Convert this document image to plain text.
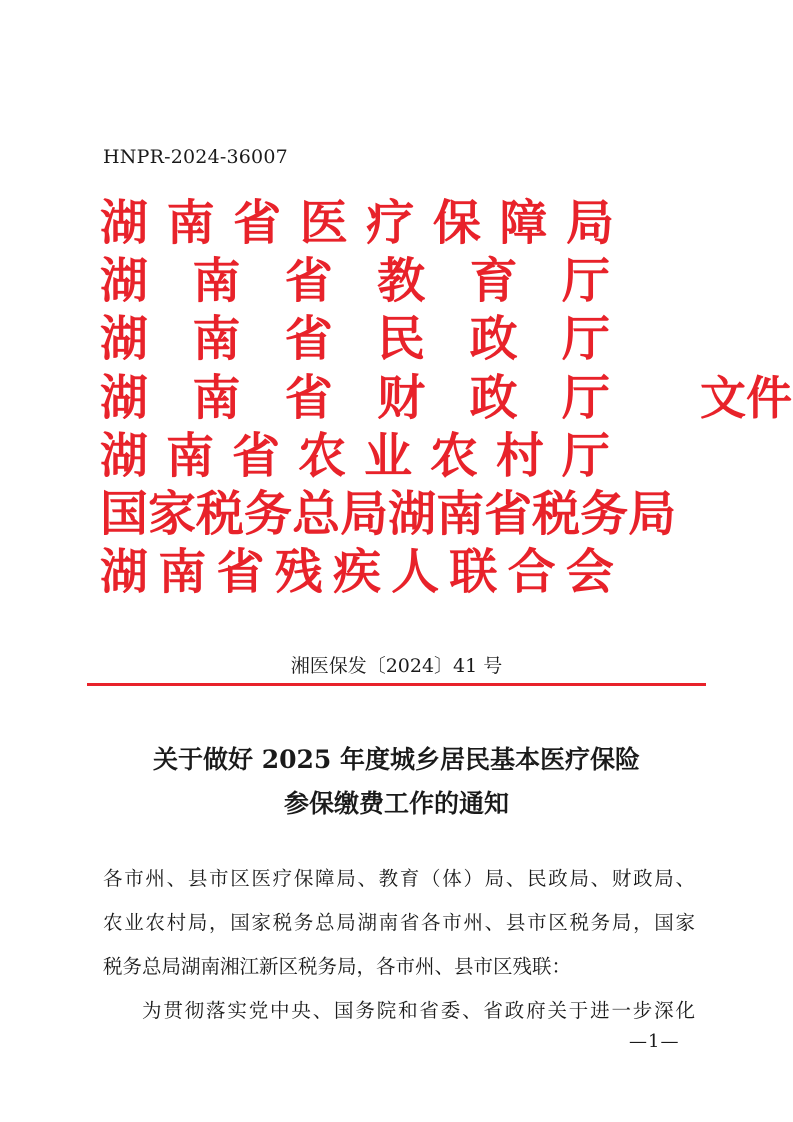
HNPR-2024-36007
湖 南 省 医 疗 保 障 局
湖 南 省 教 育 厅
湖 南 省 民 政 厅
湖 南 省 财 政 厅
湖 南 省 农 业 农 村 厅
国 家 税 务 总 局 湖 南 省 税 务 局
湖 南 省 残 疾 人 联 合 会
文件
湘医保发〔2024〕41 号
关于做好 2025 年度城乡居民基本医疗保险
参保缴费工作的通知

各市州、县市区医疗保障局、教育（体）局、民政局、财政局、

农业农村局，国家税务总局湖南省各市州、县市区税务局，国家

税务总局湖南湘江新区税务局，各市州、县市区残联：

为贯彻落实党中央、国务院和省委、省政府关于进一步深化

—1—
